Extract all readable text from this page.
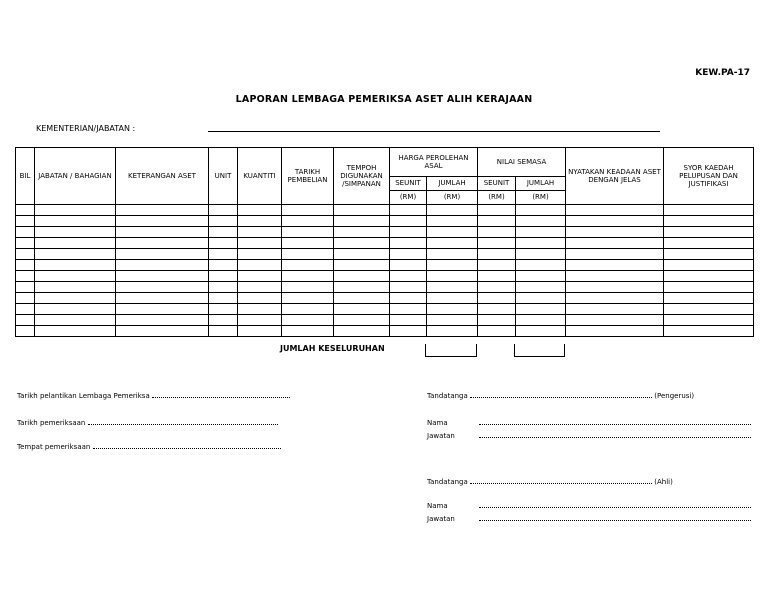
KEW.PA-17
LAPORAN LEMBAGA PEMERIKSA ASET ALIH KERAJAAN
KEMENTERIAN/JABATAN :
BIL	JABATAN / BAHAGIAN	KETERANGAN ASET	UNIT	KUANTITI	TARIKH PEMBELIAN	TEMPOH DIGUNAKAN /SIMPANAN	HARGA PEROLEHAN ASAL		NILAI SEMASA		NYATAKAN KEADAAN ASET DENGAN JELAS	SYOR KAEDAH PELUPUSAN DAN JUSTIFIKASI
							SEUNIT	JUMLAH	SEUNIT	JUMLAH		
							(RM)	(RM)	(RM)	(RM)		

JUMLAH KESELURUHAN
Tarikh pelantikan Lembaga Pemeriksa
Tarikh pemeriksaan
Tempat pemeriksaan
Tandatanga	(Pengerusi)
Nama
Jawatan
Tandatanga	(Ahli)
Nama
Jawatan
